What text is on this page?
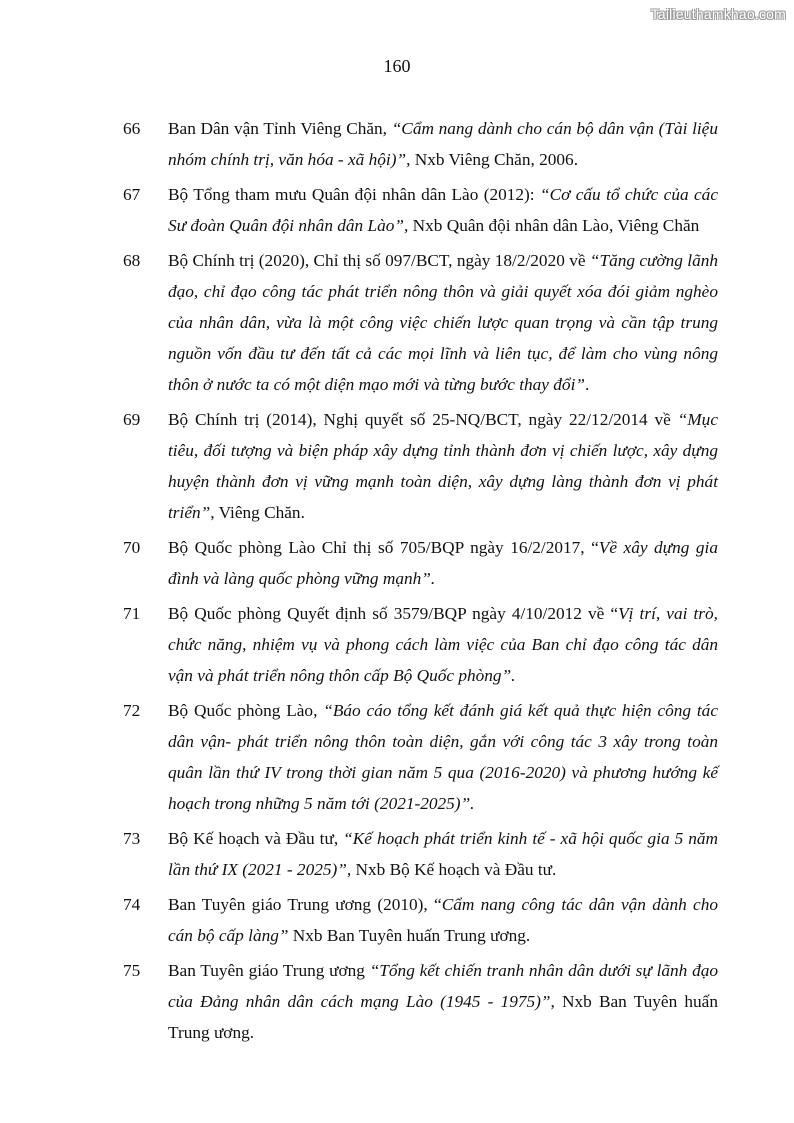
Tailieuthamkhao.com
160
66 Ban Dân vận Tỉnh Viêng Chăn, “Cẩm nang dành cho cán bộ dân vận (Tài liệu nhóm chính trị, văn hóa - xã hội)”, Nxb Viêng Chăn, 2006.
67 Bộ Tổng tham mưu Quân đội nhân dân Lào (2012): “Cơ cấu tổ chức của các Sư đoàn Quân đội nhân dân Lào”, Nxb Quân đội nhân dân Lào, Viêng Chăn
68 Bộ Chính trị (2020), Chỉ thị số 097/BCT, ngày 18/2/2020 về “Tăng cường lãnh đạo, chỉ đạo công tác phát triển nông thôn và giải quyết xóa đói giảm nghèo của nhân dân, vừa là một công việc chiến lược quan trọng và cần tập trung nguồn vốn đầu tư đến tất cả các mọi lĩnh và liên tục, để làm cho vùng nông thôn ở nước ta có một diện mạo mới và từng bước thay đổi”.
69 Bộ Chính trị (2014), Nghị quyết số 25-NQ/BCT, ngày 22/12/2014 về “Mục tiêu, đối tượng và biện pháp xây dựng tỉnh thành đơn vị chiến lược, xây dựng huyện thành đơn vị vững mạnh toàn diện, xây dựng làng thành đơn vị phát triển”, Viêng Chăn.
70 Bộ Quốc phòng Lào Chỉ thị số 705/BQP ngày 16/2/2017, “Về xây dựng gia đình và làng quốc phòng vững mạnh”.
71 Bộ Quốc phòng Quyết định số 3579/BQP ngày 4/10/2012 về “Vị trí, vai trò, chức năng, nhiệm vụ và phong cách làm việc của Ban chỉ đạo công tác dân vận và phát triển nông thôn cấp Bộ Quốc phòng”.
72 Bộ Quốc phòng Lào, “Báo cáo tổng kết đánh giá kết quả thực hiện công tác dân vận- phát triển nông thôn toàn diện, gắn với công tác 3 xây trong toàn quân lần thứ IV trong thời gian năm 5 qua (2016-2020) và phương hướng kế hoạch trong những 5 năm tới (2021-2025)”.
73 Bộ Kế hoạch và Đầu tư, “Kế hoạch phát triển kinh tế - xã hội quốc gia 5 năm lần thứ IX (2021 - 2025)”, Nxb Bộ Kế hoạch và Đầu tư.
74 Ban Tuyên giáo Trung ương (2010), “Cẩm nang công tác dân vận dành cho cán bộ cấp làng” Nxb Ban Tuyên huấn Trung ương.
75 Ban Tuyên giáo Trung ương “Tổng kết chiến tranh nhân dân dưới sự lãnh đạo của Đảng nhân dân cách mạng Lào (1945 - 1975)”, Nxb Ban Tuyên huấn Trung ương.
